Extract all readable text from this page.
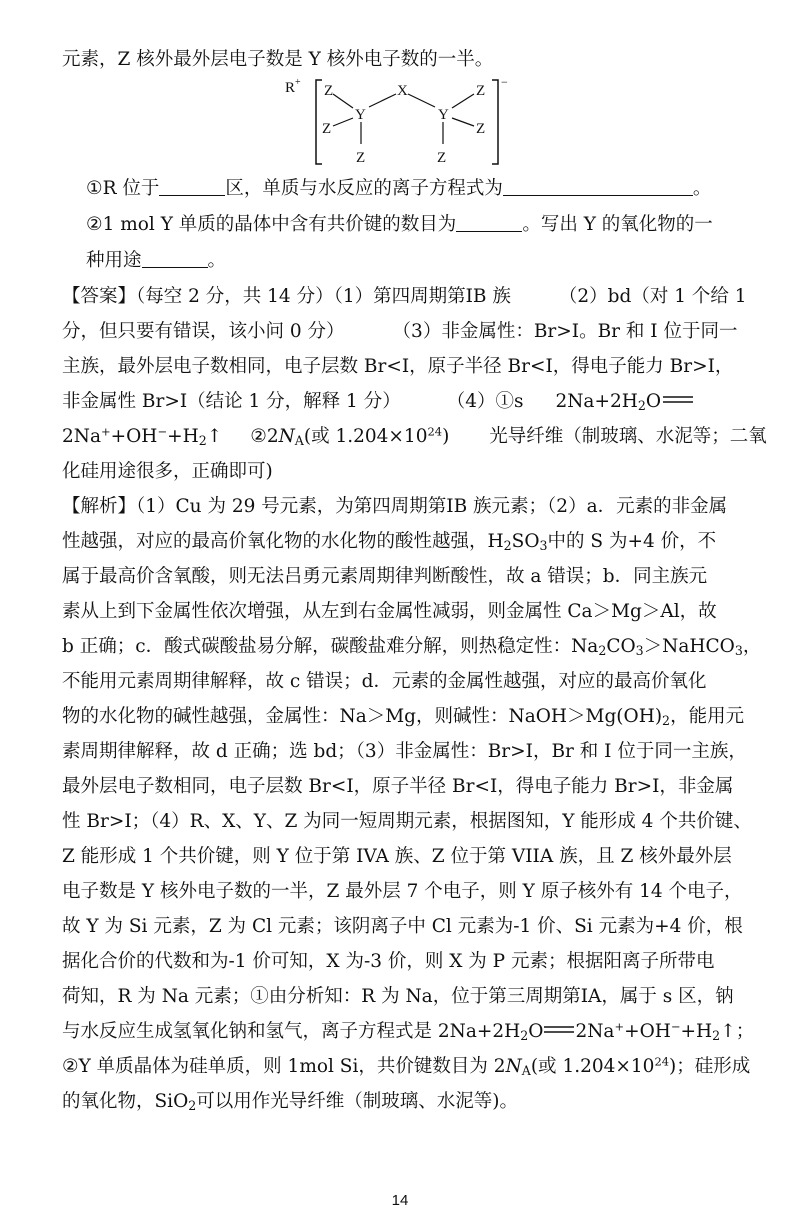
元素，Z 核外最外层电子数是 Y 核外电子数的一半。
R +	−
Z
Z
Y
Z
X
Y
Z
Z
Z
①R 位于	区，单质与水反应的离子方程式为	。
②1 mol Y 单质的晶体中含有共价键的数目为	。写出 Y 的氧化物的一
种用途	。
【答案】（每空 2 分，共 14 分）（1）第四周期第IB 族	（2）bd（对 1 个给 1
分，但只要有错误，该小问 0 分）	（3）非金属性：Br>I。Br 和 I 位于同一
主族，最外层电子数相同，电子层数 Br<I，原子半径 Br<I，得电子能力 Br>I，
非金属性 Br>I（结论 1 分，解释 1 分） （4）①s $2Na+2H_2O$
$2Na^++OH^-+H_2↑$ $②2N_A$(或 $1.204\times 10^{24}$) 光导纤维（制玻璃、水泥等；二氧
化硅用途很多，正确即可)
【解析】（1）Cu 为 29 号元素，为第四周期第IB 族元素；（2）a．元素的非金属
性越强，对应的最高价氧化物的水化物的酸性越强，$H_2SO_3$中的 S 为+4 价，不
属于最高价含氧酸，则无法吕勇元素周期律判断酸性，故 a 错误；b．同主族元
素从上到下金属性依次增强，从左到右金属性减弱，则金属性 Ca＞Mg＞Al，故
b 正确；c．酸式碳酸盐易分解，碳酸盐难分解，则热稳定性：$Na_2CO_3>NaHCO_3$，
不能用元素周期律解释，故 c 错误；d．元素的金属性越强，对应的最高价氧化
物的水化物的碱性越强，金属性：Na＞Mg，则碱性：$NaOH>Mg(OH)_2$，能用元
素周期律解释，故 d 正确；选 bd；（3）非金属性：Br>I，Br 和 I 位于同一主族，
最外层电子数相同，电子层数 Br<I，原子半径 Br<I，得电子能力 Br>I，非金属
性 Br>I；（4）R、X、Y、Z 为同一短周期元素，根据图知，Y 能形成 4 个共价键、
Z 能形成 1 个共价键，则 Y 位于第 IVA 族、Z 位于第 VIIA 族，且 Z 核外最外层
电子数是 Y 核外电子数的一半，Z 最外层 7 个电子，则 Y 原子核外有 14 个电子，
故 Y 为 Si 元素，Z 为 Cl 元素；该阴离子中 Cl 元素为-1 价、Si 元素为+4 价，根
据化合价的代数和为-1 价可知，X 为-3 价，则 X 为 P 元素；根据阳离子所带电
荷知，R 为 Na 元素；①由分析知：R 为 Na，位于第三周期第IA，属于 s 区，钠
与水反应生成氢氧化钠和氢气，离子方程式是 $2Na+2H_2O$ $2Na^++OH^-+H_2↑$；
②Y 单质晶体为硅单质，则 1mol Si，共价键数目为 $2N_A$(或 $1.204\times 10^{24}$)；硅形成
的氧化物，SiO$_2$可以用作光导纤维（制玻璃、水泥等)。
14
